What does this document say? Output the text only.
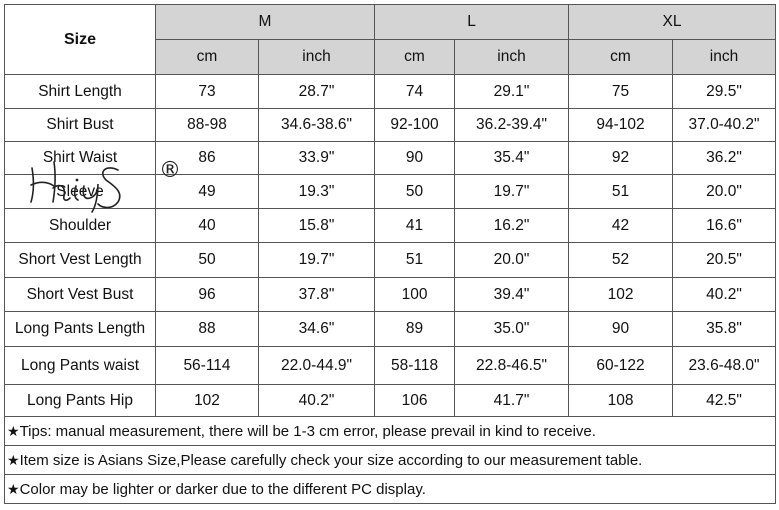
Size	M		L		XL	
	cm	inch	cm	inch	cm	inch
Shirt Length	73	28.7"	74	29.1"	75	29.5"
Shirt Bust	88-98	34.6-38.6"	92-100	36.2-39.4"	94-102	37.0-40.2"
Shirt Waist	86	33.9"	90	35.4"	92	36.2"
Sleeve	49	19.3"	50	19.7"	51	20.0"
Shoulder	40	15.8"	41	16.2"	42	16.6"
Short Vest Length	50	19.7"	51	20.0"	52	20.5"
Short Vest Bust	96	37.8"	100	39.4"	102	40.2"
Long Pants Length	88	34.6"	89	35.0"	90	35.8"
Long Pants waist	56-114	22.0-44.9"	58-118	22.8-46.5"	60-122	23.6-48.0"
Long Pants Hip	102	40.2"	106	41.7"	108	42.5"
★Tips: manual measurement, there will be 1-3 cm error, please prevail in kind to receive.						
★Item size is Asians Size,Please carefully check your size according to our measurement table.						
★Color may be lighter or darker due to the different PC display.						
®
